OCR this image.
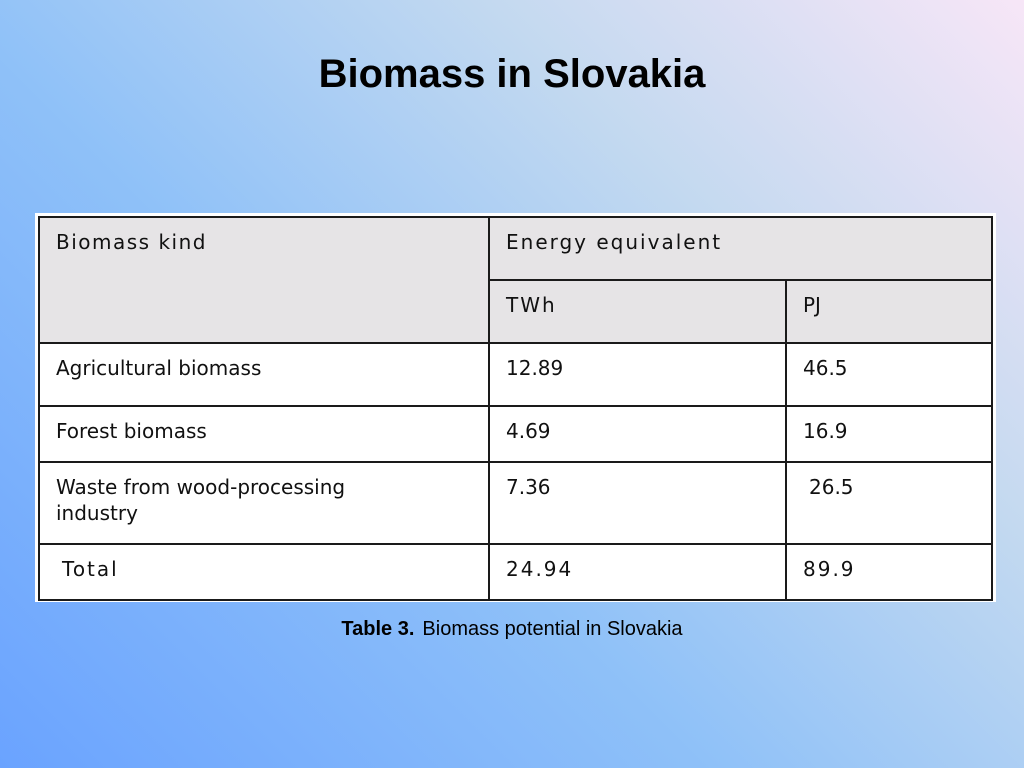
Biomass in Slovakia
Biomass kind	Energy equivalent	

	TWh	PJ

Agricultural biomass	12.89	46.5

Forest biomass	4.69	16.9

Waste from wood-processing industry	7.36	26.5

Total	24.94	89.9
Table 3. Biomass potential in Slovakia
